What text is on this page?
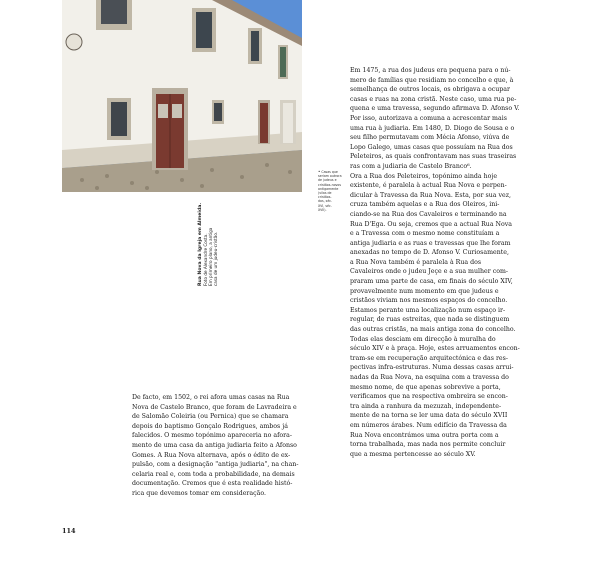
Rua Nova da Igreja em Almeida. Foto de Alexandre Costa. Em primeiro plano, a antiga casa de um judeu-cristão.
• Casas que
seriam outrora
de judeus e
cristãos-novos
antigamente
(vilas de cristãos-
dos, séc.
XVI, séc.
XVII).
Em 1475, a rua dos judeus era pequena para o nú-
mero de famílias que residiam no concelho e que, à
semelhança de outros locais, os obrigava a ocupar
casas e ruas na zona cristã. Neste caso, uma rua pe-
quena e uma travessa, segundo afirmava D. Afonso V.
Por isso, autorizava a comuna a acrescentar mais
uma rua à judiaria. Em 1480, D. Diogo de Sousa e o
seu filho permutavam com Mécia Afonso, viúva de
Lopo Galego, umas casas que possuíam na Rua dos
Peleteiros, as quais confrontavam nas suas traseiras
ras com a judiaria de Castelo Branco⁶.
Ora a Rua dos Peleteiros, topónimo ainda hoje
existente, é paralela à actual Rua Nova e perpen-
dicular à Travessa da Rua Nova. Esta, por sua vez,
cruza também aquelas e a Rua dos Oleiros, ini-
ciando-se na Rua dos Cavaleiros e terminando na
Rua D'Ega. Ou seja, cremos que a actual Rua Nova
e a Travessa com o mesmo nome constituíam a
antiga judiaria e as ruas e travessas que lhe foram
anexadas no tempo de D. Afonso V. Curiosamente,
a Rua Nova também é paralela à Rua dos
Cavaleiros onde o judeu Jeçe e a sua mulher com-
praram uma parte de casa, em finais do século XIV,
provavelmente num momento em que judeus e
cristãos viviam nos mesmos espaços do concelho.
Estamos perante uma localização num espaço ir-
regular, de ruas estreitas, que nada se distinguem
das outras cristãs, na mais antiga zona do concelho.
Todas elas desciam em direcção à muralha do
século XIV e à praça. Hoje, estes arruamentos encon-
tram-se em recuperação arquitectónica e das res-
pectivas infra-estruturas. Numa dessas casas arrui-
nadas da Rua Nova, na esquina com a travessa do
mesmo nome, de que apenas sobrevive a porta,
verificamos que na respectiva ombreira se encon-
tra ainda a ranhura da mezuzah, independente-
mente de na torna se ler uma data do século XVII
em números árabes. Num edifício da Travessa da
Rua Nova encontrámos uma outra porta com a
torna trabalhada, mas nada nos permite concluir
que a mesma pertencesse ao século XV.
De facto, em 1502, o rei afora umas casas na Rua
Nova de Castelo Branco, que foram de Lavradeira e
de Salomão Coleiria (ou Pernica) que se chamara
depois do baptismo Gonçalo Rodrigues, ambos já
falecidos. O mesmo topónimo apareceria no afora-
mento de uma casa da antiga judiaria feito a Afonso
Gomes. A Rua Nova alternava, após o édito de ex-
pulsão, com a designação "antiga judiaria", na chan-
celaria real e, com toda a probabilidade, na demais
documentação. Cremos que é esta realidade histó-
rica que devemos tomar em consideração.
114
